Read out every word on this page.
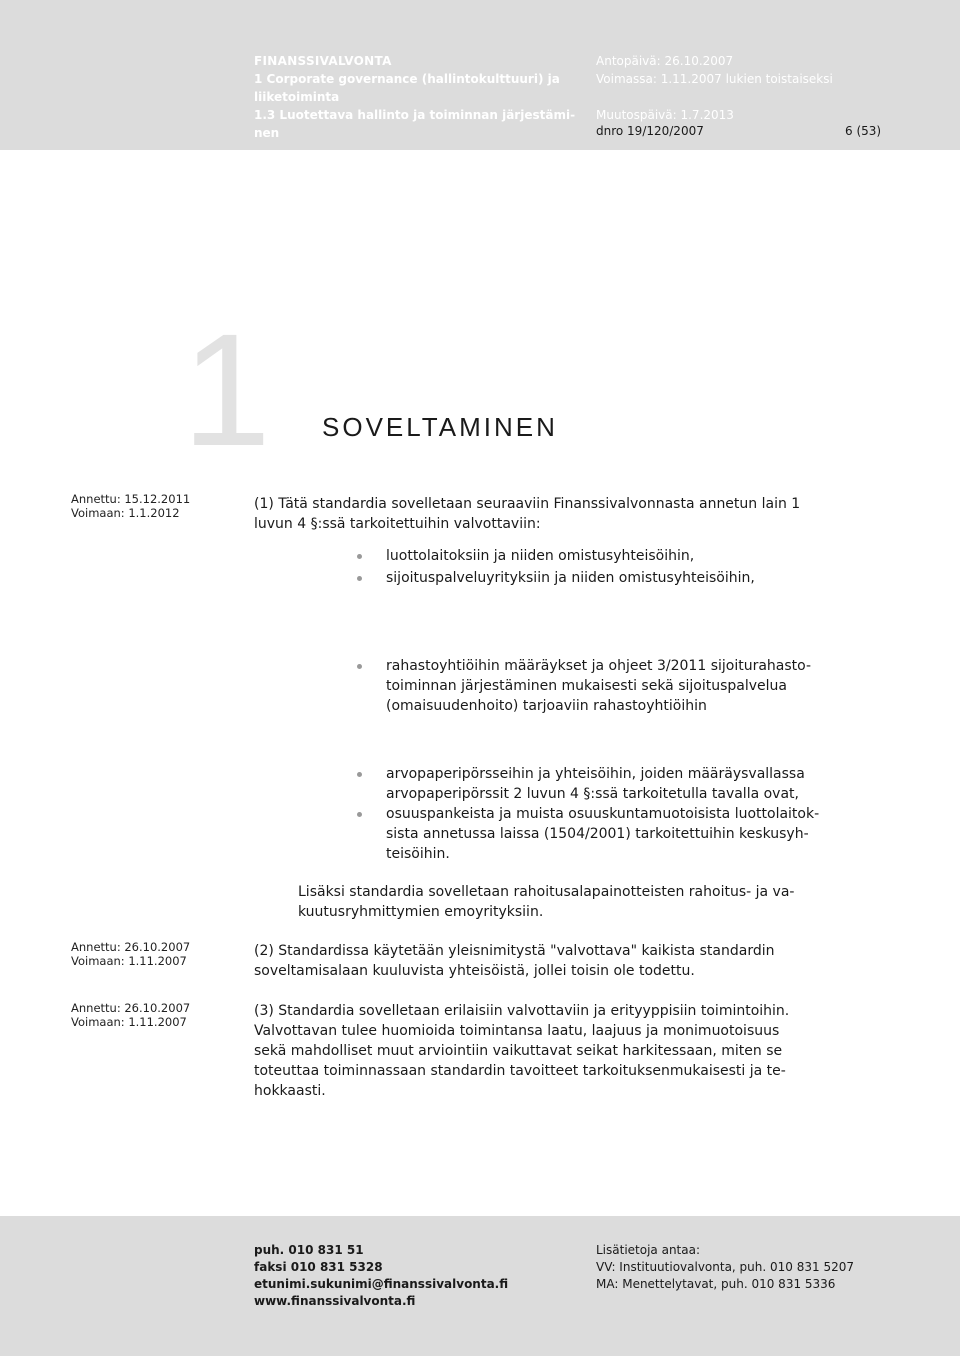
FINANSSIVALVONTA
1 Corporate governance (hallintokulttuuri) ja
liiketoiminta
1.3 Luotettava hallinto ja toiminnan järjestämi-
nen
Antopäivä: 26.10.2007
Voimassa: 1.11.2007 lukien toistaiseksi
Muutospäivä: 1.7.2013
dnro 19/120/2007	6 (53)
1 SOVELTAMINEN
Annettu: 15.12.2011
Voimaan: 1.1.2012
Annettu: 26.10.2007
Voimaan: 1.11.2007
Annettu: 26.10.2007
Voimaan: 1.11.2007
(1) Tätä standardia sovelletaan seuraaviin Finanssivalvonnasta annetun lain 1
luvun 4 §:ssä tarkoitettuihin valvottaviin:
luottolaitoksiin ja niiden omistusyhteisöihin,
sijoituspalveluyrityksiin ja niiden omistusyhteisöihin,
rahastoyhtiöihin määräykset ja ohjeet 3/2011 sijoiturahasto-
toiminnan järjestäminen mukaisesti sekä sijoituspalvelua
(omaisuudenhoito) tarjoaviin rahastoyhtiöihin
arvopaperipörsseihin ja yhteisöihin, joiden määräysvallassa
arvopaperipörssit 2 luvun 4 §:ssä tarkoitetulla tavalla ovat,
osuuspankeista ja muista osuuskuntamuotoisista luottolaitok-
sista annetussa laissa (1504/2001) tarkoitettuihin keskusyh-
teisöihin.
Lisäksi standardia sovelletaan rahoitusalapainotteisten rahoitus- ja va-
kuutusryhmittymien emoyrityksiin.
(2) Standardissa käytetään yleisnimitystä "valvottava" kaikista standardin
soveltamisalaan kuuluvista yhteisöistä, jollei toisin ole todettu.
(3) Standardia sovelletaan erilaisiin valvottaviin ja erityyppisiin toimintoihin.
Valvottavan tulee huomioida toimintansa laatu, laajuus ja monimuotoisuus
sekä mahdolliset muut arviointiin vaikuttavat seikat harkitessaan, miten se
toteuttaa toiminnassaan standardin tavoitteet tarkoituksenmukaisesti ja te-
hokkaasti.
puh. 010 831 51
faksi 010 831 5328
etunimi.sukunimi@finanssivalvonta.fi
www.finanssivalvonta.fi
Lisätietoja antaa:
VV: Instituutiovalvonta, puh. 010 831 5207
MA: Menettelytavat, puh. 010 831 5336
